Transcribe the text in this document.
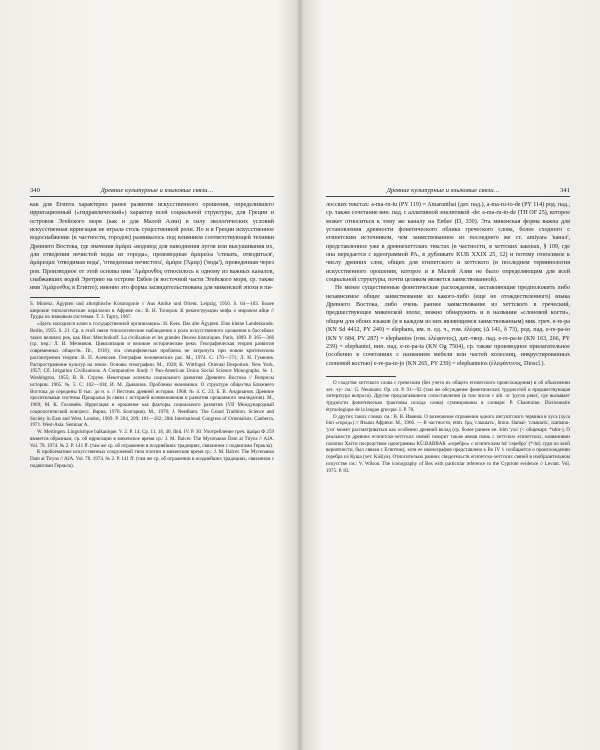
340	Древние культурные и языковые связи…

как для Египта характерно ранее развитие искусственного орошения, определившего ирригационный («гидравлический») характер всей социальной структуры, для Греции и островов Эгейского моря (как и для Малой Азии) в силу экологических условий искусственная ирригация не играла столь существенной роли. Но и в Греции искусственное водоснабжение (в частности, городов) развивалось под влиянием соответствующей техники Древнего Востока, где значения ἀμάρα «водовод для наводнения лугов или высушивания их, для отведения нечистой воды из города», производные ἀμαρεύω 'стекать, отводиться', ἀμάρευμα 'отводимая вода', 'отведенная нечистота', ἀμάρα (Ἄμαρ) ('вода'), проведенная через ров. Производное от этой основы имя 'Αμάρυνθος относилось к одному из важных каналов, снабжавших водой Эретрию на острове Евбея (в восточной части Эгейского моря, ср. также имя 'Αμάρυνθος в Египте); именно это форма засвидетельствована для микенской эпохи в пи-

S. Morenz. Ägypten und altorphische Kosmogonie // Aus Antike und Orient. Leipzig, 1950. S. 64—103. Более широкие типологические параллели в Африке см.: В. Н. Топоров. К реконструкции мифа о мировом яйце // Труды по знаковым системам. Т. 3. Тарту, 1967.

«Здесь находился ключ к государственной организации»: Н. Kees. Das alte Ägypten. Eine kleine Landeskunde. Berlin, 1955. S. 21. Ср. в этой связи типологические наблюдения о роли искусственного орошения в бассейнах таких великих рек, как Нил: Metchnikoff. La civilisation et les grandes fleuves historiques. Paris, 1889. P. 365—366 (ср. пер.: Л. И. Мечников. Цивилизация и великие исторические реки. Географическая теория развития современных обществ. Пг., 1918); эта специфическая проблема не затронута при новом критическом рассмотрении теории: В. П. Алексеев. География человеческих рас. М., 1974. С. 170—171; Л. Н. Гумилев. Распространение культур на земле. Основы этнографии. М., 1928; К. Wittfogel. Oriental Despotism. New York, 1957; Сб. Irrigation Civilizations. A Comparative Study // Pan-American Union Social Science Monographs. № 1. Washington, 1955; В. В. Струве. Некоторые аспекты социального развития Древнего Востока // Вопросы истории. 1965. № 5. С. 102—104; И. М. Дьяконов. Проблемы экономики. О структуре общества Ближнего Востока до середины II тыс. до н. э. // Вестник древней истории. 1968. № 4. С. 23; Б. В. Андрианов. Древние оросительные системы Приаралья (в связи с историей возникновения и развития орошаемого земледелия). М., 1969; М. К. Головнёв. Ирригация и орошение как факторы социального развития (VII Международный социологический конгресс. Варна, 1970. Болгария). М., 1970; J. Needham. The Grand Tradition. Science and Society in East and West. London, 1969. P. 204, 209; 181—182; 28th International Congress of Orientalists. Canberra, 1971. West-Asia. Seminar A.

W. Merlingen. Linguistique balkanique. V. 2. P. 14; Ср. 11, 18, 40, Ibid. IV. P. 30. Употребление греч. ἀμάρα Ф 259 является образным, ср. об ирригации в микенское время ср.: J. M. Balcer. The Mycenaean Dam at Tiryns // AJA. Vol. 78. 1974. № 2. P. 141 ff. (там же ср. об отражении в позднейших традициях, связанном с подвигами Геракла).

К проблематике искусственных сооружений типа плотин в микенские время ср.: J. M. Balcer. The Mycenaean Dam at Tiryns // AJA. Vol. 78. 1974. № 2. P. 141 ff. (там же ср. об отражении в позднейших традициях, связанном с подвигами Геракла).

Древние культурные и языковые связи…	341

лосских текстах: a-ma-ru-tu (PY 119) = Amarunthai (дат. пад.), a-ma-ru-to-de (PY 114) род. пад., ср. также сочетание вин. пад. с аллативной энклитикой -de: a-ma-ru-to-de (TH OF 25), которое может относиться к тому же каналу на Евбее (D, 330). Эта микенская форма важна для установления древности фонетического облика греческого слова, более сходного с египетским источником, чем заимствованное из последнего же ст. amiyara 'канал', представленное уже в древнехеттских текстах (в частности, в хеттских законах, § 109, где она передается с идеограммой PA₅ в дубликате KUB XXIX 25, 12) и потому относимое к числу древних слов, общих для египетского и хеттского (в последнем терминология искусственного орошения, которое и в Малой Азии не было определяющим для всей социальной структуры, почти целиком является заимствованной).

Не менее существенные фонетические расхождения, заставляющие предположить либо независимое общее заимствование из какого-либо (еще не отождествленного) языка Древнего Востока, либо очень раннее заимствование из хеттского в греческий, предшествующее микенской эпохе, можно обнаружить и в названии «слоновой кости», общем для обоих языков (и в каждом из них являющемся заимствованным) мик. греч. e-re-pa (KN Sd 4412, PY 249) = elephans, им. п. ед. ч., гом. ἐλέφας (Δ 141, δ 73), род. пад. e-re-pa-to (KN V 684, PY 287) = elephantos (гом. ἐλέφαντος), дат.-твор. пад. e-re-pa-te (KN 163, 266, PY 239) = elephantei, вин. пад. e-re-pa-ta (KN Og 7504), ср. также производное прилагательное (особенно в сочетаниях с названием мебели или частей колесниц, инкрустированных слоновой костью) e-re-pa-te-jo (KN 265, PY 239) = elephanteios (ἐλεφάντινος, Dioscl.).

О сходстве хеттского слова с греческим (без учета их общего египетского происхождения) и об объяснении хет. -ty- см.: G. Neumann. Op. cit. P. 91—92 (там же обсуждение фонетических трудностей и предшествующая литература вопроса). Другие предлагавшиеся сопоставления (в том числе с aib. ог 'русло реки', где вызывает трудности фонетическая трактовка исхода слова) суммированы в словаре: Р. Chantraine. Dictionnaire étymologique de la langue grecque. I. P. 70.

О других таких словах см.: В. В. Иванов. О возможном отражении одного ингуштского термина в хуса (хуса bini «город») // Языки Африки. М., 1966. — В частности, ettm. ἕρις 'слышать', lituus. šlamal- 'слышать', izamanu- 'ухо' может рассматриваться как особенно древний вклад (ср. более раннее ен. šdm 'ухо' (< общекарт. *sdm-), О реальности древних египетско-хеттских связей говорит также явная связь с хеттских египетских, названиями палатки Хатти посредством идеограммы KÙ.BABBAR «серебро» с египетским hd 'серебро' (*-hd, судя по всей вероятности, был связан с Египтом), хотя ее иконография представлена к Во IV 1 сообщается о происхождении серебра из Куша (хет. Kušiya). Относительно ранних свидетельств египетско-хеттских связей в изобразительном искусстве см.: V. Wilson. The iconography of Bes with particular reference to the Cypriote evidence // Levant. Vol. 1975. P. 83.
